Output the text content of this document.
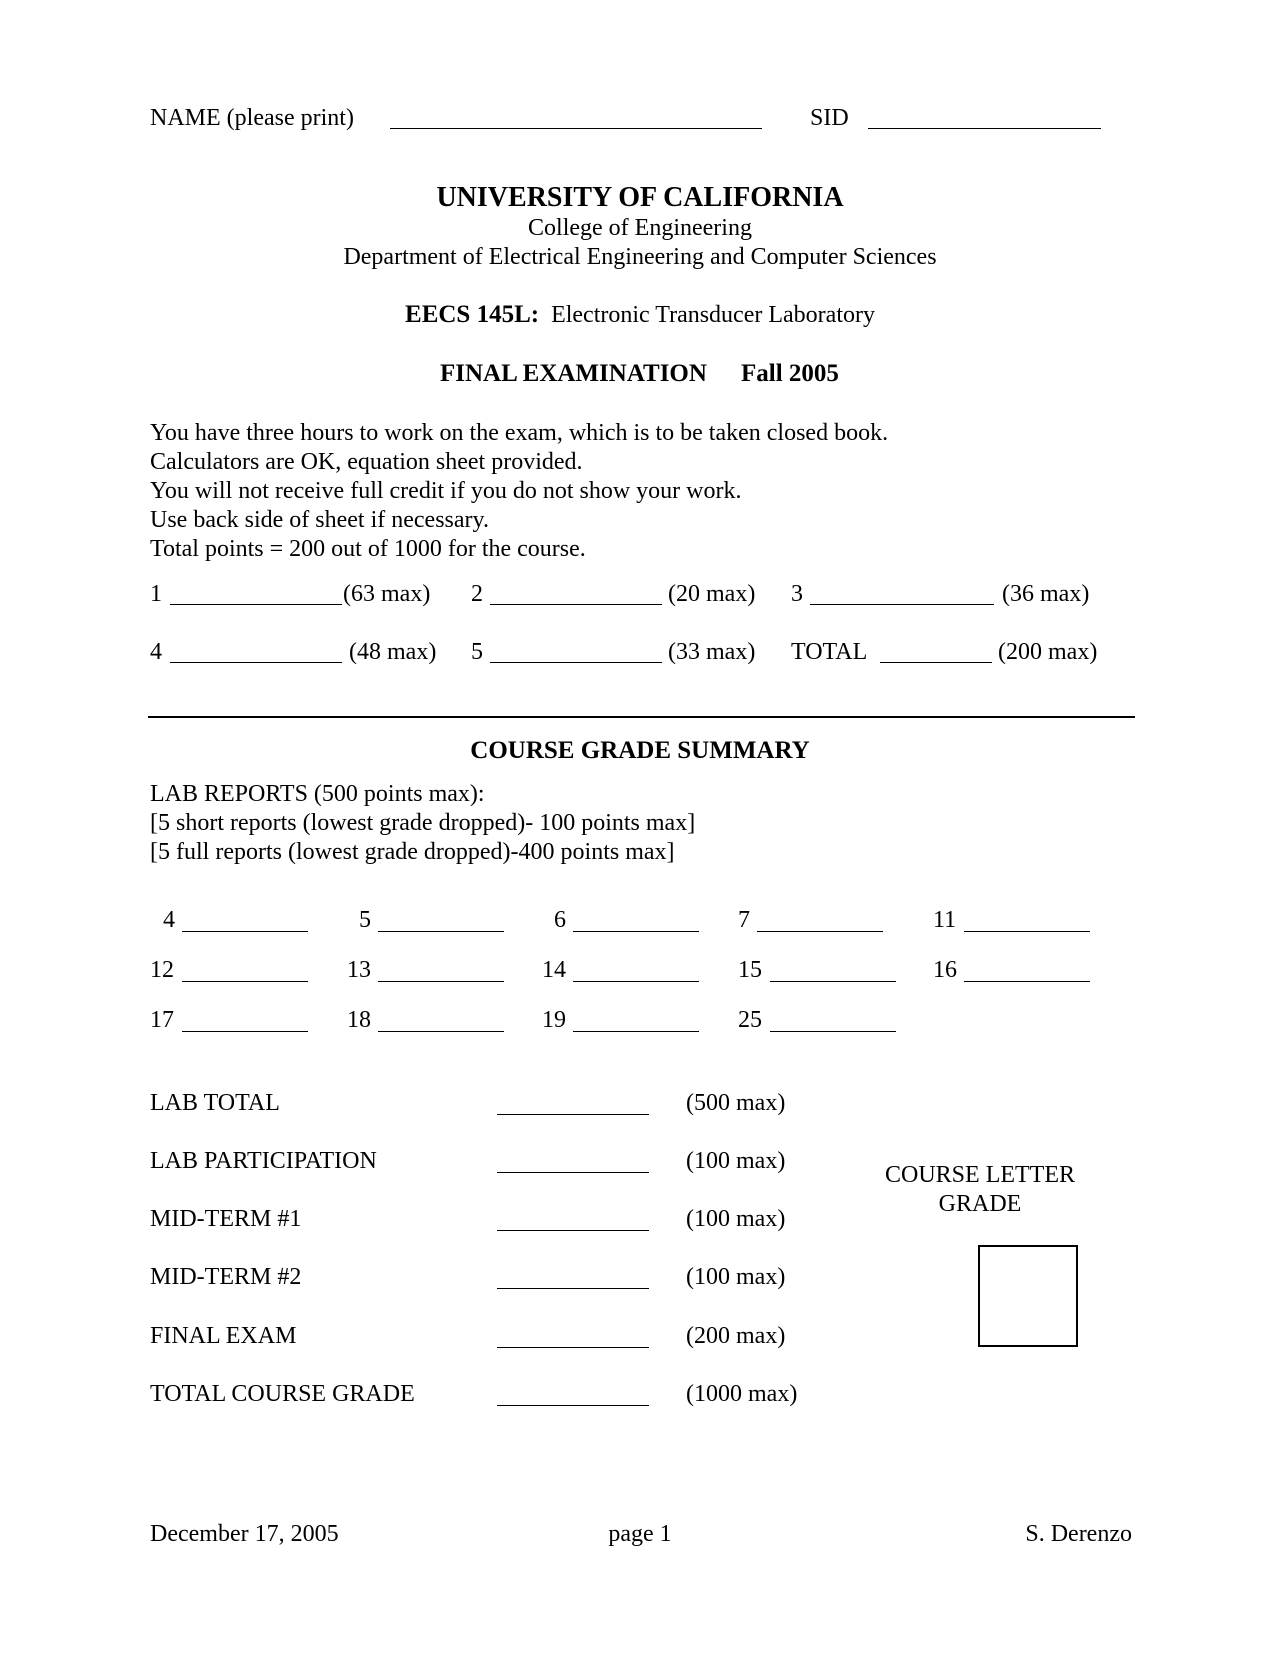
NAME (please print)	SID
UNIVERSITY OF CALIFORNIA
College of Engineering
Department of Electrical Engineering and Computer Sciences
EECS 145L: Electronic Transducer Laboratory
FINAL EXAMINATION Fall 2005
You have three hours to work on the exam, which is to be taken closed book.
Calculators are OK, equation sheet provided.
You will not receive full credit if you do not show your work.
Use back side of sheet if necessary.
Total points = 200 out of 1000 for the course.
1	(63 max) 2	(20 max) 3	(36 max)
4	(48 max) 5	(33 max) TOTAL	(200 max)
COURSE GRADE SUMMARY
LAB REPORTS (500 points max):
[5 short reports (lowest grade dropped)- 100 points max]
[5 full reports (lowest grade dropped)-400 points max]
4	5	6	7	11
12	13	14	15	16
17	18	19	25
LAB TOTAL	(500 max)
LAB PARTICIPATION	(100 max)
MID-TERM #1	(100 max)
MID-TERM #2	(100 max)
FINAL EXAM	(200 max)
TOTAL COURSE GRADE	(1000 max)
COURSE LETTER
GRADE
December 17, 2005	page 1	S. Derenzo
